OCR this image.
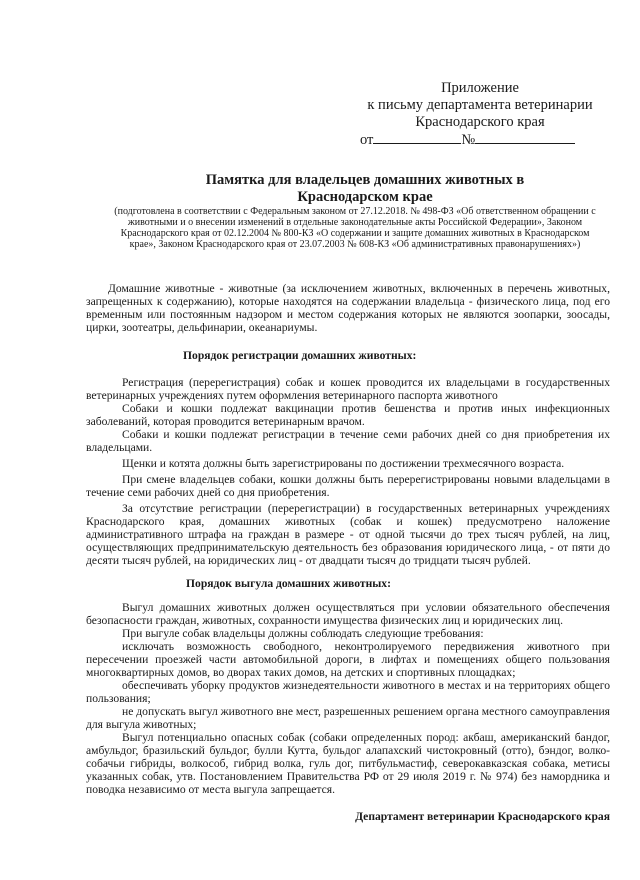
Приложение
к письму департамента ветеринарии
Краснодарского края
от	№
Памятка для владельцев домашних животных в
Краснодарском крае
(подготовлена в соответствии с Федеральным законом от 27.12.2018. № 498-ФЗ «Об ответственном обращении с животными и о внесении изменений в отдельные законодательные акты Российской Федерации», Законом Краснодарского края от 02.12.2004 № 800-КЗ «О содержании и защите домашних животных в Краснодарском крае», Законом Краснодарского края от 23.07.2003 № 608-КЗ «Об административных правонарушениях»)

Домашние животные - животные (за исключением животных, включенных в перечень животных, запрещенных к содержанию), которые находятся на содержании владельца - физического лица, под его временным или постоянным надзором и местом содержания которых не являются зоопарки, зоосады, цирки, зоотеатры, дельфинарии, океанариумы.

Порядок регистрации домашних животных:

Регистрация (перерегистрация) собак и кошек проводится их владельцами в государственных ветеринарных учреждениях путем оформления ветеринарного паспорта животного

Собаки и кошки подлежат вакцинации против бешенства и против иных инфекционных заболеваний, которая проводится ветеринарным врачом.

Собаки и кошки подлежат регистрации в течение семи рабочих дней со дня приобретения их владельцами.

Щенки и котята должны быть зарегистрированы по достижении трехмесячного возраста.

При смене владельцев собаки, кошки должны быть перерегистрированы новыми владельцами в течение семи рабочих дней со дня приобретения.

За отсутствие регистрации (перерегистрации) в государственных ветеринарных учреждениях Краснодарского края, домашних животных (собак и кошек) предусмотрено наложение административного штрафа на граждан в размере - от одной тысячи до трех тысяч рублей, на лиц, осуществляющих предпринимательскую деятельность без образования юридического лица, - от пяти до десяти тысяч рублей, на юридических лиц - от двадцати тысяч до тридцати тысяч рублей.

Порядок выгула домашних животных:

Выгул домашних животных должен осуществляться при условии обязательного обеспечения безопасности граждан, животных, сохранности имущества физических лиц и юридических лиц.

При выгуле собак владельцы должны соблюдать следующие требования:

исключать возможность свободного, неконтролируемого передвижения животного при пересечении проезжей части автомобильной дороги, в лифтах и помещениях общего пользования многоквартирных домов, во дворах таких домов, на детских и спортивных площадках;

обеспечивать уборку продуктов жизнедеятельности животного в местах и на территориях общего пользования;

не допускать выгул животного вне мест, разрешенных решением органа местного самоуправления для выгула животных;

Выгул потенциально опасных собак (собаки определенных пород: акбаш, американский бандог, амбульдог, бразильский бульдог, булли Кутта, бульдог алапахский чистокровный (отто), бэндог, волко-собачьи гибриды, волкособ, гибрид волка, гуль дог, питбульмастиф, северокавказская собака, метисы указанных собак, утв. Постановлением Правительства РФ от 29 июля 2019 г. № 974) без намордника и поводка независимо от места выгула запрещается.

Департамент ветеринарии Краснодарского края
